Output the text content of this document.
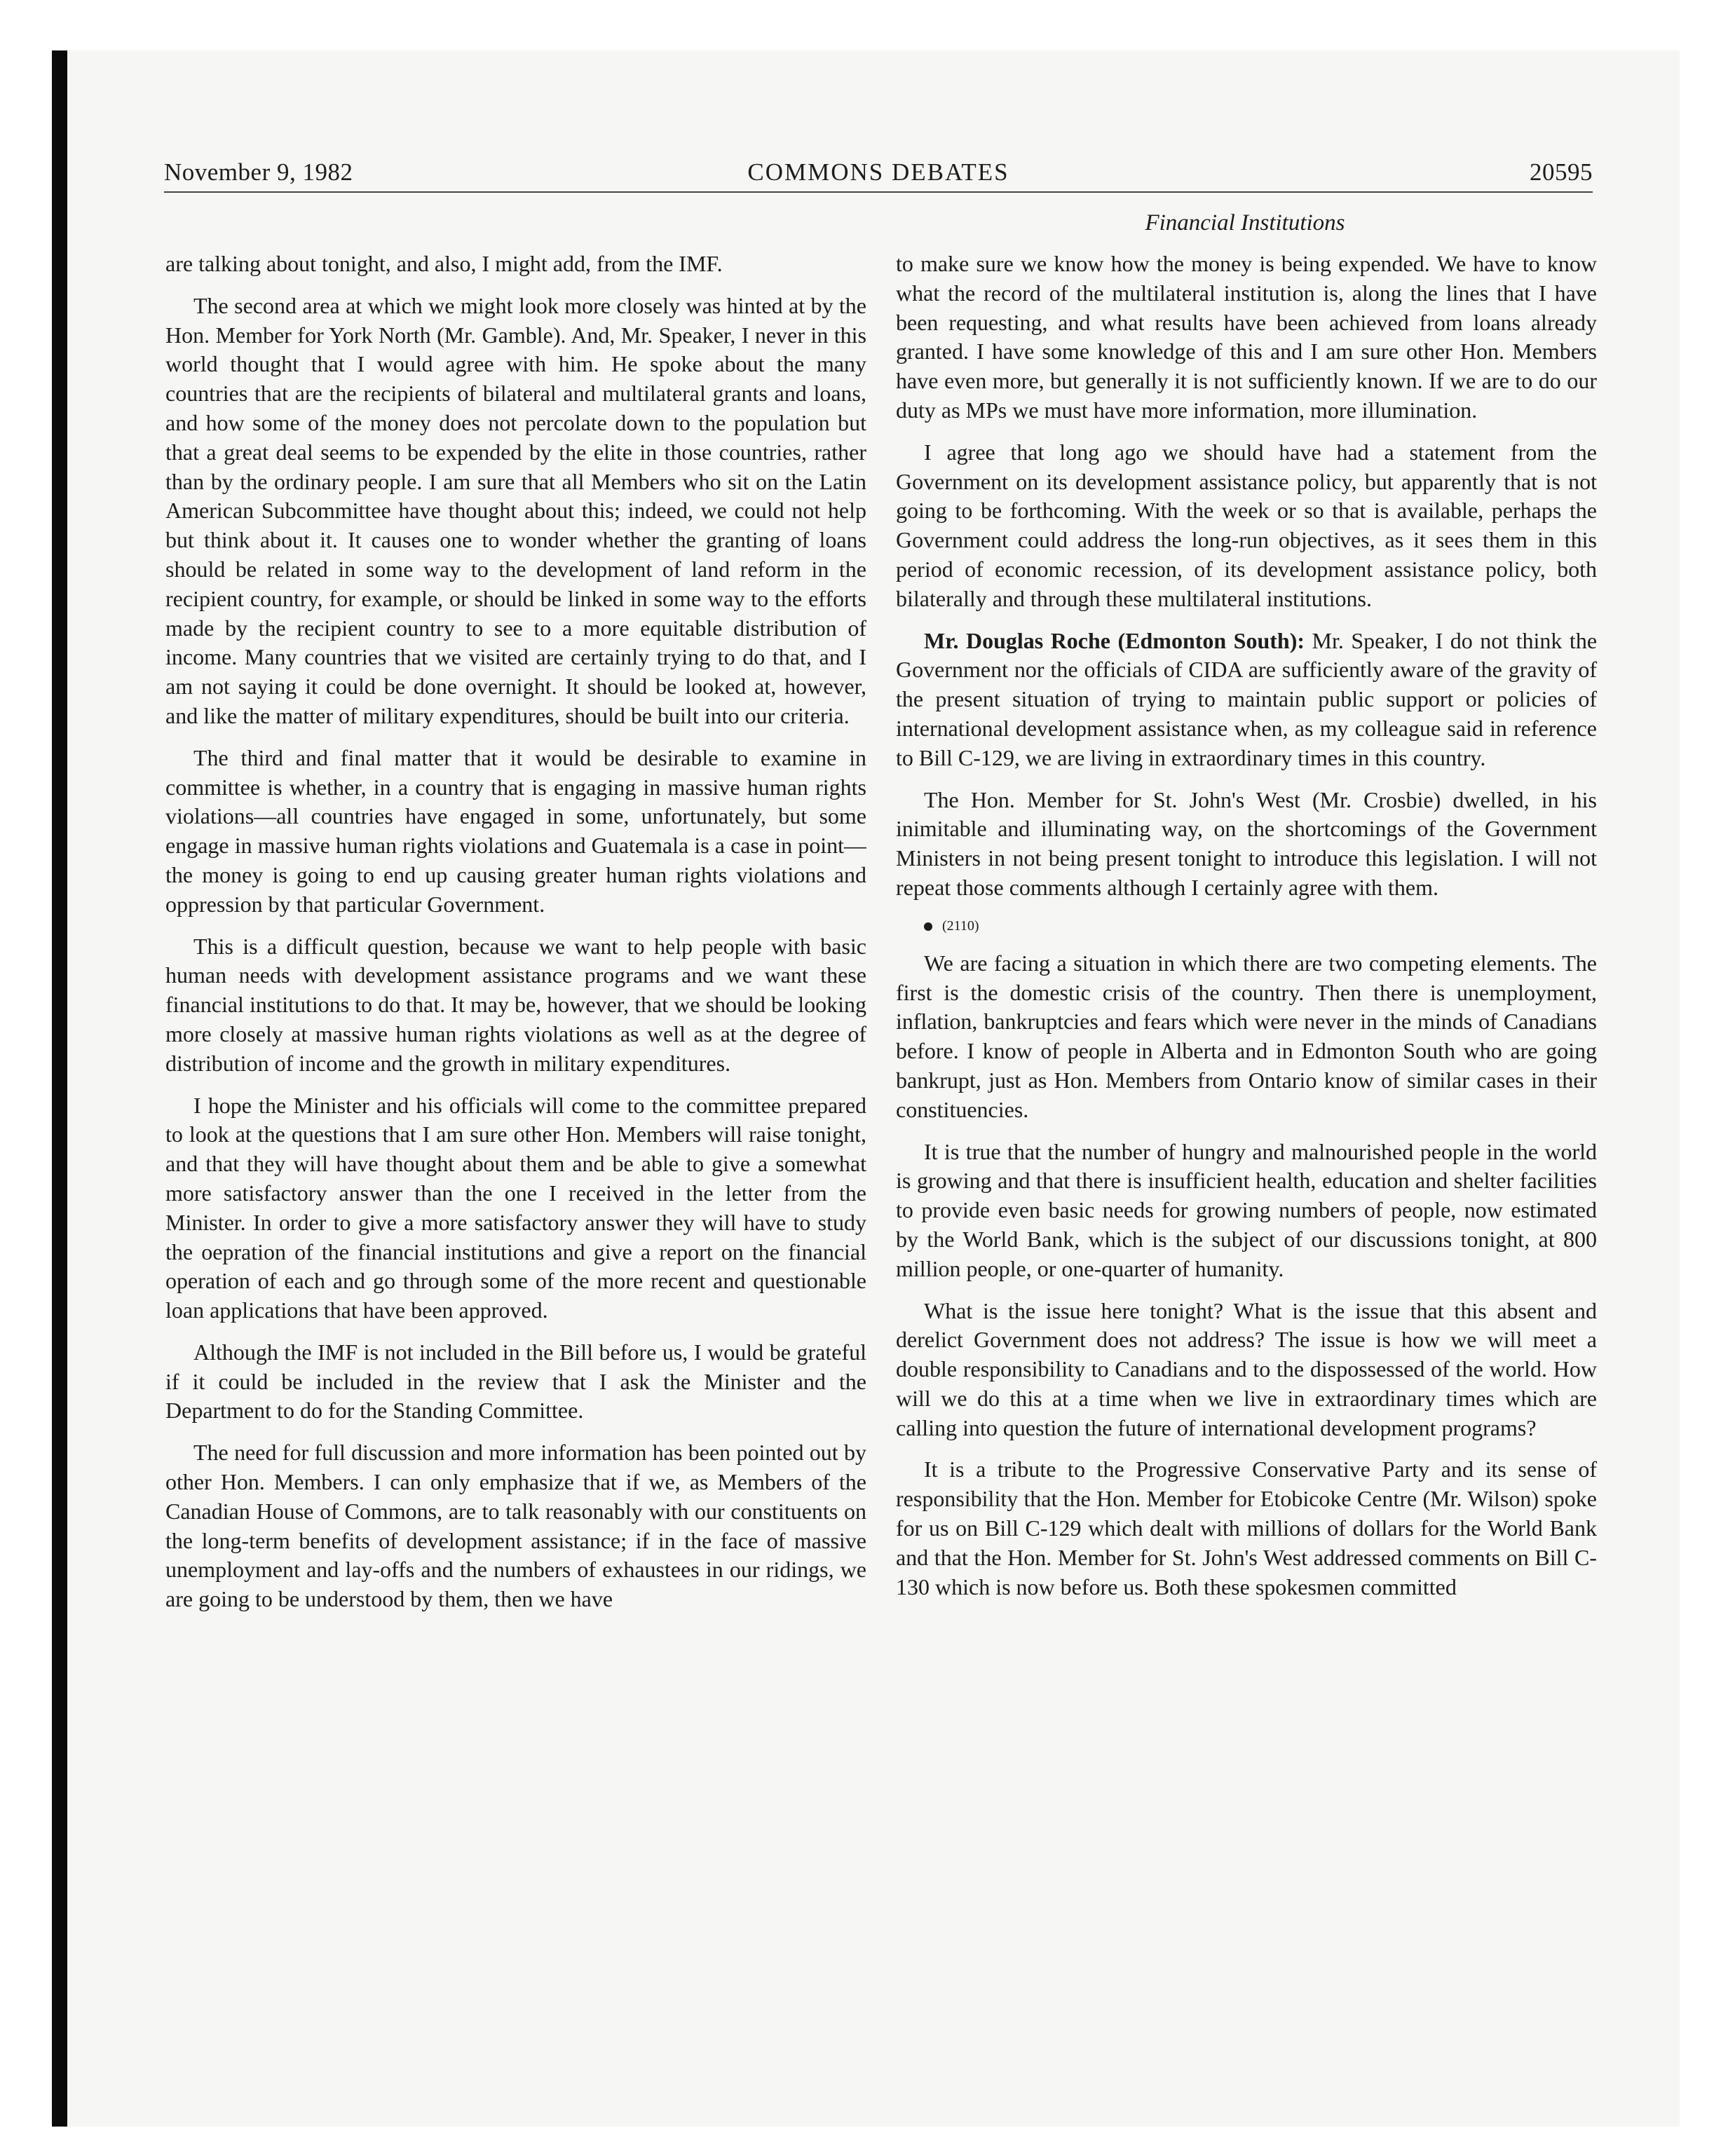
November 9, 1982	COMMONS DEBATES	20595
Financial Institutions

are talking about tonight, and also, I might add, from the IMF.

The second area at which we might look more closely was hinted at by the Hon. Member for York North (Mr. Gamble). And, Mr. Speaker, I never in this world thought that I would agree with him. He spoke about the many countries that are the recipients of bilateral and multilateral grants and loans, and how some of the money does not percolate down to the population but that a great deal seems to be expended by the elite in those countries, rather than by the ordinary people. I am sure that all Members who sit on the Latin American Subcommittee have thought about this; indeed, we could not help but think about it. It causes one to wonder whether the granting of loans should be related in some way to the development of land reform in the recipient country, for example, or should be linked in some way to the efforts made by the recipient country to see to a more equitable distribution of income. Many countries that we visited are certainly trying to do that, and I am not saying it could be done overnight. It should be looked at, however, and like the matter of military expenditures, should be built into our criteria.

The third and final matter that it would be desirable to examine in committee is whether, in a country that is engaging in massive human rights violations—all countries have engaged in some, unfortunately, but some engage in massive human rights violations and Guatemala is a case in point—the money is going to end up causing greater human rights violations and oppression by that particular Government.

This is a difficult question, because we want to help people with basic human needs with development assistance programs and we want these financial institutions to do that. It may be, however, that we should be looking more closely at massive human rights violations as well as at the degree of distribution of income and the growth in military expenditures.

I hope the Minister and his officials will come to the committee prepared to look at the questions that I am sure other Hon. Members will raise tonight, and that they will have thought about them and be able to give a somewhat more satisfactory answer than the one I received in the letter from the Minister. In order to give a more satisfactory answer they will have to study the oepration of the financial institutions and give a report on the financial operation of each and go through some of the more recent and questionable loan applications that have been approved.

Although the IMF is not included in the Bill before us, I would be grateful if it could be included in the review that I ask the Minister and the Department to do for the Standing Committee.

The need for full discussion and more information has been pointed out by other Hon. Members. I can only emphasize that if we, as Members of the Canadian House of Commons, are to talk reasonably with our constituents on the long-term benefits of development assistance; if in the face of massive unemployment and lay-offs and the numbers of exhaustees in our ridings, we are going to be understood by them, then we have

to make sure we know how the money is being expended. We have to know what the record of the multilateral institution is, along the lines that I have been requesting, and what results have been achieved from loans already granted. I have some knowledge of this and I am sure other Hon. Members have even more, but generally it is not sufficiently known. If we are to do our duty as MPs we must have more information, more illumination.

I agree that long ago we should have had a statement from the Government on its development assistance policy, but apparently that is not going to be forthcoming. With the week or so that is available, perhaps the Government could address the long-run objectives, as it sees them in this period of economic recession, of its development assistance policy, both bilaterally and through these multilateral institutions.

Mr. Douglas Roche (Edmonton South): Mr. Speaker, I do not think the Government nor the officials of CIDA are sufficiently aware of the gravity of the present situation of trying to maintain public support or policies of international development assistance when, as my colleague said in reference to Bill C-129, we are living in extraordinary times in this country.

The Hon. Member for St. John's West (Mr. Crosbie) dwelled, in his inimitable and illuminating way, on the shortcomings of the Government Ministers in not being present tonight to introduce this legislation. I will not repeat those comments although I certainly agree with them.

(2110)

We are facing a situation in which there are two competing elements. The first is the domestic crisis of the country. Then there is unemployment, inflation, bankruptcies and fears which were never in the minds of Canadians before. I know of people in Alberta and in Edmonton South who are going bankrupt, just as Hon. Members from Ontario know of similar cases in their constituencies.

It is true that the number of hungry and malnourished people in the world is growing and that there is insufficient health, education and shelter facilities to provide even basic needs for growing numbers of people, now estimated by the World Bank, which is the subject of our discussions tonight, at 800 million people, or one-quarter of humanity.

What is the issue here tonight? What is the issue that this absent and derelict Government does not address? The issue is how we will meet a double responsibility to Canadians and to the dispossessed of the world. How will we do this at a time when we live in extraordinary times which are calling into question the future of international development programs?

It is a tribute to the Progressive Conservative Party and its sense of responsibility that the Hon. Member for Etobicoke Centre (Mr. Wilson) spoke for us on Bill C-129 which dealt with millions of dollars for the World Bank and that the Hon. Member for St. John's West addressed comments on Bill C-130 which is now before us. Both these spokesmen committed
